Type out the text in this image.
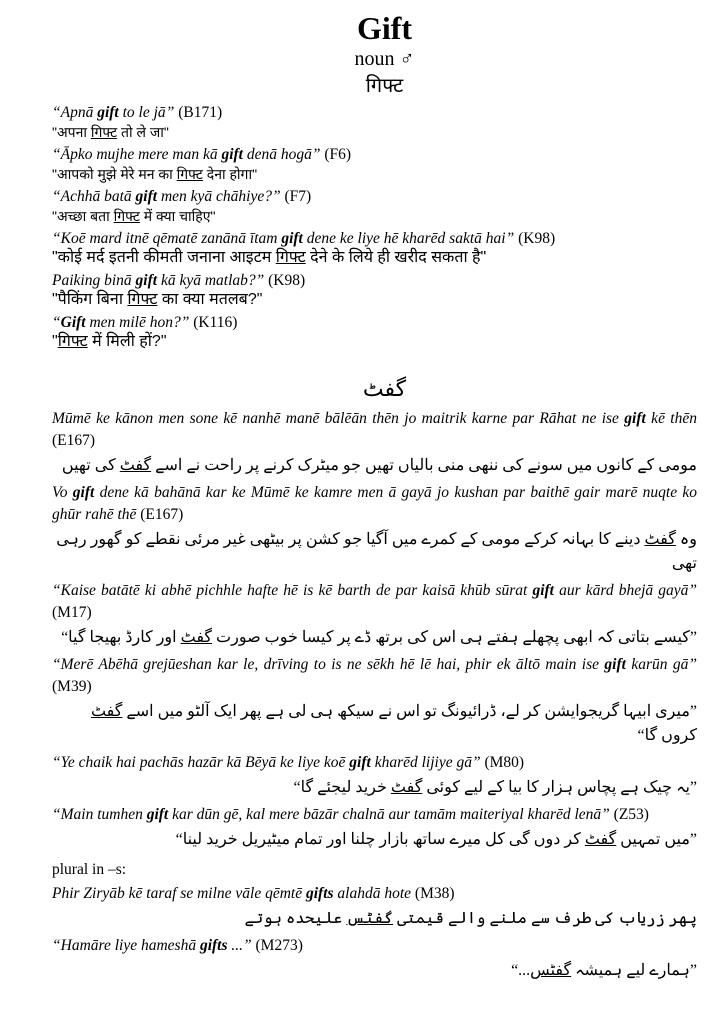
Gift
noun ♂
गिफ्ट
“Apnā gift to le jā” (B171)
"अपना गिफ्ट तो ले जा"
“Āpko mujhe mere man kā gift denā hogā” (F6)
"आपको मुझे मेरे मन का गिफ्ट देना होगा"
“Achhā batā gift men kyā chāhiye?” (F7)
"अच्छा बता गिफ्ट में क्या चाहिए"
“Koē mard itnē qēmatē zanānā ītam gift dene ke liye hē kharēd saktā hai” (K98)
"कोई मर्द इतनी कीमती जनाना आइटम गिफ्ट देने के लिये ही खरीद सकता है"
Paiking binā gift kā kyā matlab?” (K98)
"पैकिंग बिना गिफ्ट का क्या मतलब?"
“Gift men milē hon?” (K116)
"गिफ्ट में मिली हों?"
گفٹ
Mūmē ke kānon men sone kē nanhē manē bālēān thēn jo maitrik karne par Rāhat ne ise gift kē thēn (E167)
مومی کے کانوں میں سونے کی ننھی منی بالیاں تھیں جو میٹرک کرنے پر راحت نے اسے گفٹ کی تھیں
Vo gift dene kā bahānā kar ke Mūmē ke kamre men ā gayā jo kushan par baithē gair marē nuqte ko ghūr rahē thē (E167)
وہ گفٹ دینے کا بہانہ کرکے مومی کے کمرے میں آگیا جو کشن پر بیٹھی غیر مرئی نقطے کو گھور رہی تھی
“Kaise batātē ki abhē pichhle hafte hē is kē barth de par kaisā khūb sūrat gift aur kārd bhejā gayā” (M17)
”کیسے بتاتی کہ ابھی پچھلے ہفتے ہی اس کی برتھ ڈے پر کیسا خوب صورت گفٹ اور کارڈ بھیجا گیا“
“Merē Abēhā grejūeshan kar le, drīving to is ne sēkh hē lē hai, phir ek āltō main ise gift karūn gā” (M39)
”میری ابیہا گریجوایشن کر لے، ڈرائیونگ تو اس نے سیکھ ہی لی ہے پھر ایک آلٹو میں اسے گفٹ کروں گا“
“Ye chaik hai pachās hazār kā Bēyā ke liye koē gift kharēd lijiye gā” (M80)
”یہ چیک ہے پچاس ہزار کا بیا کے لیے کوئی گفٹ خرید لیجئے گا“
“Main tumhen gift kar dūn gē, kal mere bāzār chalnā aur tamām maiteriyal kharēd lenā” (Z53)
”میں تمہیں گفٹ کر دوں گی کل میرے ساتھ بازار چلنا اور تمام میٹیریل خرید لینا“
plural in –s:
Phir Ziryāb kē taraf se milne vāle qēmtē gifts alahdā hote (M38)
پھر زریاب کی طرف سے ملنے والے قیمتی گفٹس علیحدہ ہوتے
“Hamāre liye hameshā gifts ...” (M273)
”ہمارے لیے ہمیشہ گفٹس...“
